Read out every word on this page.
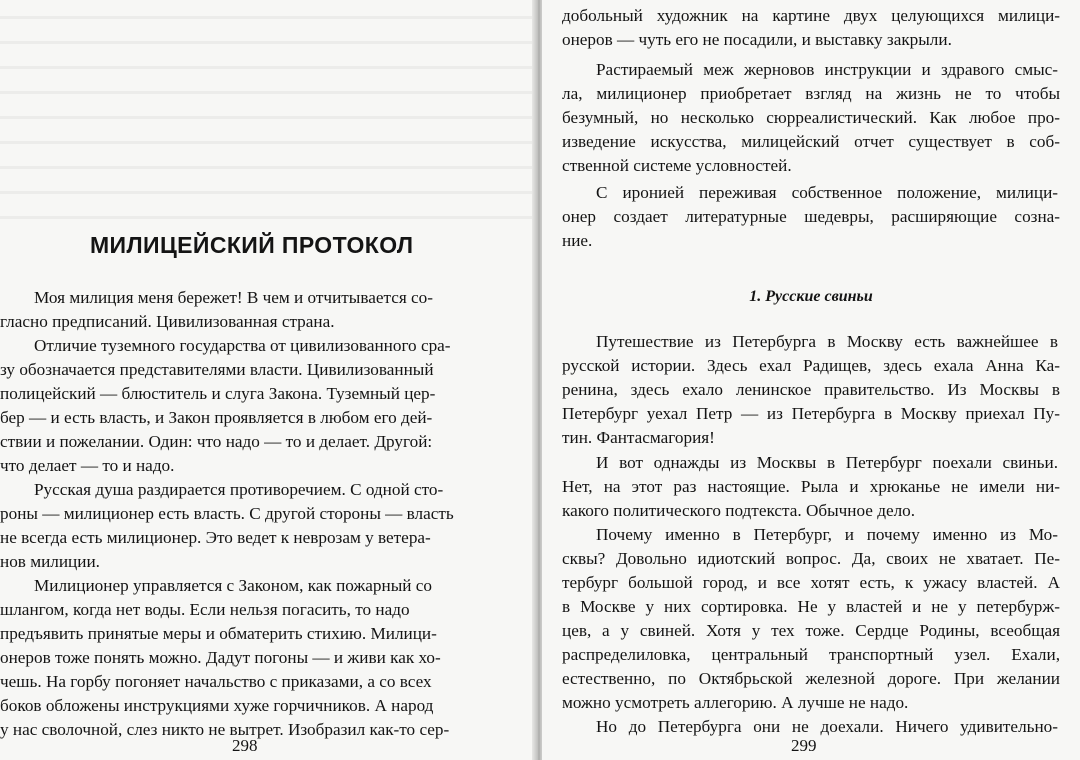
МИЛИЦЕЙСКИЙ ПРОТОКОЛ
Моя милиция меня бережет! В чем и отчитывается со-
гласно предписаний. Цивилизованная страна.
Отличие туземного государства от цивилизованного сра-
зу обозначается представителями власти. Цивилизованный
полицейский — блюститель и слуга Закона. Туземный цер-
бер — и есть власть, и Закон проявляется в любом его дей-
ствии и пожелании. Один: что надо — то и делает. Другой:
что делает — то и надо.
Русская душа раздирается противоречием. С одной сто-
роны — милиционер есть власть. С другой стороны — власть
не всегда есть милиционер. Это ведет к неврозам у ветера-
нов милиции.
Милиционер управляется с Законом, как пожарный со
шлангом, когда нет воды. Если нельзя погасить, то надо
предъявить принятые меры и обматерить стихию. Милици-
онеров тоже понять можно. Дадут погоны — и живи как хо-
чешь. На горбу погоняет начальство с приказами, а со всех
298
добольный художник на картине двух целующихся милици-
онеров — чуть его не посадили, и выставку закрыли.
Растираемый меж жерновов инструкции и здравого смыс-
ла, милиционер приобретает взгляд на жизнь не то чтобы
безумный, но несколько сюрреалистический. Как любое про-
изведение искусства, милицейский отчет существует в соб-
ственной системе условностей.
С иронией переживая собственное положение, милици-
онер создает литературные шедевры, расширяющие созна-
ние.
1. Русские свиньи
Путешествие из Петербурга в Москву есть важнейшее в
русской истории. Здесь ехал Радищев, здесь ехала Анна Ка-
ренина, здесь ехало ленинское правительство. Из Москвы в
Петербург уехал Петр — из Петербурга в Москву приехал Пу-
тин. Фантасмагория!
И вот однажды из Москвы в Петербург поехали свиньи.
Нет, на этот раз настоящие. Рыла и хрюканье не имели ни-
какого политического подтекста. Обычное дело.
Почему именно в Петербург, и почему именно из Мо-
сквы? Довольно идиотский вопрос. Да, своих не хватает. Пе-
тербург большой город, и все хотят есть, к ужасу властей. А
в Москве у них сортировка. Не у властей и не у петербурж-
цев, а у свиней. Хотя у тех тоже. Сердце Родины, всеобщая
распределиловка, центральный транспортный узел. Ехали,
естественно, по Октябрьской железной дороге. При желании
можно усмотреть аллегорию. А лучше не надо.
Но до Петербурга они не доехали. Ничего удивительно-
299
боков обложены инструкциями хуже горчичников. А народ
у нас сволочной, слез никто не вытрет. Изобразил как-то сер-
